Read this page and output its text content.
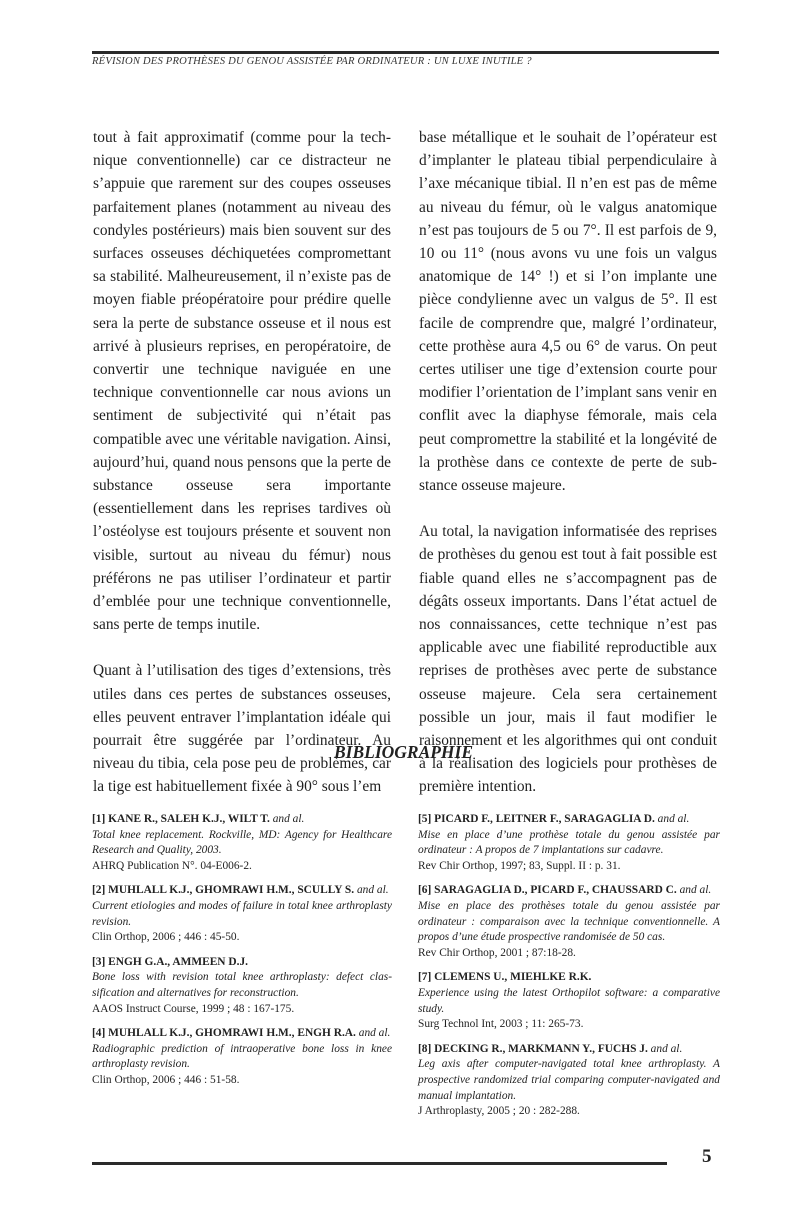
RÉVISION DES PROTHÈSES DU GENOU ASSISTÉE PAR ORDINATEUR : UN LUXE INUTILE ?

tout à fait approximatif (comme pour la technique conventionnelle) car ce distracteur ne s’appuie que rarement sur des coupes osseuses parfaitement planes (notamment au niveau des condyles postérieurs) mais bien souvent sur des surfaces osseuses déchiquetées compromettant sa stabilité. Malheureusement, il n’existe pas de moyen fiable préopératoire pour prédire quelle sera la perte de substance osseuse et il nous est arrivé à plusieurs reprises, en peropératoire, de convertir une technique naviguée en une technique conventionnelle car nous avions un sentiment de subjectivité qui n’était pas compatible avec une véritable navigation. Ainsi, aujourd’hui, quand nous pensons que la perte de substance osseuse sera importante (essentiellement dans les reprises tardives où l’ostéolyse est toujours présente et souvent non visible, surtout au niveau du fémur) nous préférons ne pas utiliser l’ordinateur et partir d’emblée pour une technique conventionnelle, sans perte de temps inutile.

Quant à l’utilisation des tiges d’extensions, très utiles dans ces pertes de substances osseuses, elles peuvent entraver l’implantation idéale qui pourrait être suggérée par l’ordinateur. Au niveau du tibia, cela pose peu de problèmes, car la tige est habituellement fixée à 90° sous l’em

base métallique et le souhait de l’opérateur est d’implanter le plateau tibial perpendiculaire à l’axe mécanique tibial. Il n’en est pas de même au niveau du fémur, où le valgus anatomique n’est pas toujours de 5 ou 7°. Il est parfois de 9, 10 ou 11° (nous avons vu une fois un valgus anatomique de 14° !) et si l’on implante une pièce condylienne avec un valgus de 5°. Il est facile de comprendre que, malgré l’ordinateur, cette prothèse aura 4,5 ou 6° de varus. On peut certes utiliser une tige d’extension courte pour modifier l’orientation de l’implant sans venir en conflit avec la diaphyse fémorale, mais cela peut compromettre la stabilité et la longévité de la prothèse dans ce contexte de perte de substance osseuse majeure.

Au total, la navigation informatisée des reprises de prothèses du genou est tout à fait possible est fiable quand elles ne s’accompagnent pas de dégâts osseux importants. Dans l’état actuel de nos connaissances, cette technique n’est pas applicable avec une fiabilité reproductible aux reprises de prothèses avec perte de substance osseuse majeure. Cela sera certainement possible un jour, mais il faut modifier le raisonnement et les algorithmes qui ont conduit à la réalisation des logiciels pour prothèses de première intention.

BIBLIOGRAPHIE
[1] KANE R., SALEH K.J., WILT T. and al.
Total knee replacement. Rockville, MD: Agency for Healthcare Research and Quality, 2003.
AHRQ Publication N°. 04-E006-2.
[2] MUHLALL K.J., GHOMRAWI H.M., SCULLY S. and al.
Current etiologies and modes of failure in total knee arthroplasty revision.
Clin Orthop, 2006 ; 446 : 45-50.
[3] ENGH G.A., AMMEEN D.J.
Bone loss with revision total knee arthroplasty: defect classification and alternatives for reconstruction.
AAOS Instruct Course, 1999 ; 48 : 167-175.
[4] MUHLALL K.J., GHOMRAWI H.M., ENGH R.A. and al.
Radiographic prediction of intraoperative bone loss in knee arthroplasty revision.
Clin Orthop, 2006 ; 446 : 51-58.
[5] PICARD F., LEITNER F., SARAGAGLIA D. and al.
Mise en place d’une prothèse totale du genou assistée par ordinateur : A propos de 7 implantations sur cadavre.
Rev Chir Orthop, 1997; 83, Suppl. II : p. 31.
[6] SARAGAGLIA D., PICARD F., CHAUSSARD C. and al.
Mise en place des prothèses totale du genou assistée par ordinateur : comparaison avec la technique conventionnelle. A propos d’une étude prospective randomisée de 50 cas.
Rev Chir Orthop, 2001 ; 87:18-28.
[7] CLEMENS U., MIEHLKE R.K.
Experience using the latest Orthopilot software: a comparative study.
Surg Technol Int, 2003 ; 11: 265-73.
[8] DECKING R., MARKMANN Y., FUCHS J. and al.
Leg axis after computer-navigated total knee arthroplasty. A prospective randomized trial comparing computer-navigated and manual implantation.
J Arthroplasty, 2005 ; 20 : 282-288.
5
